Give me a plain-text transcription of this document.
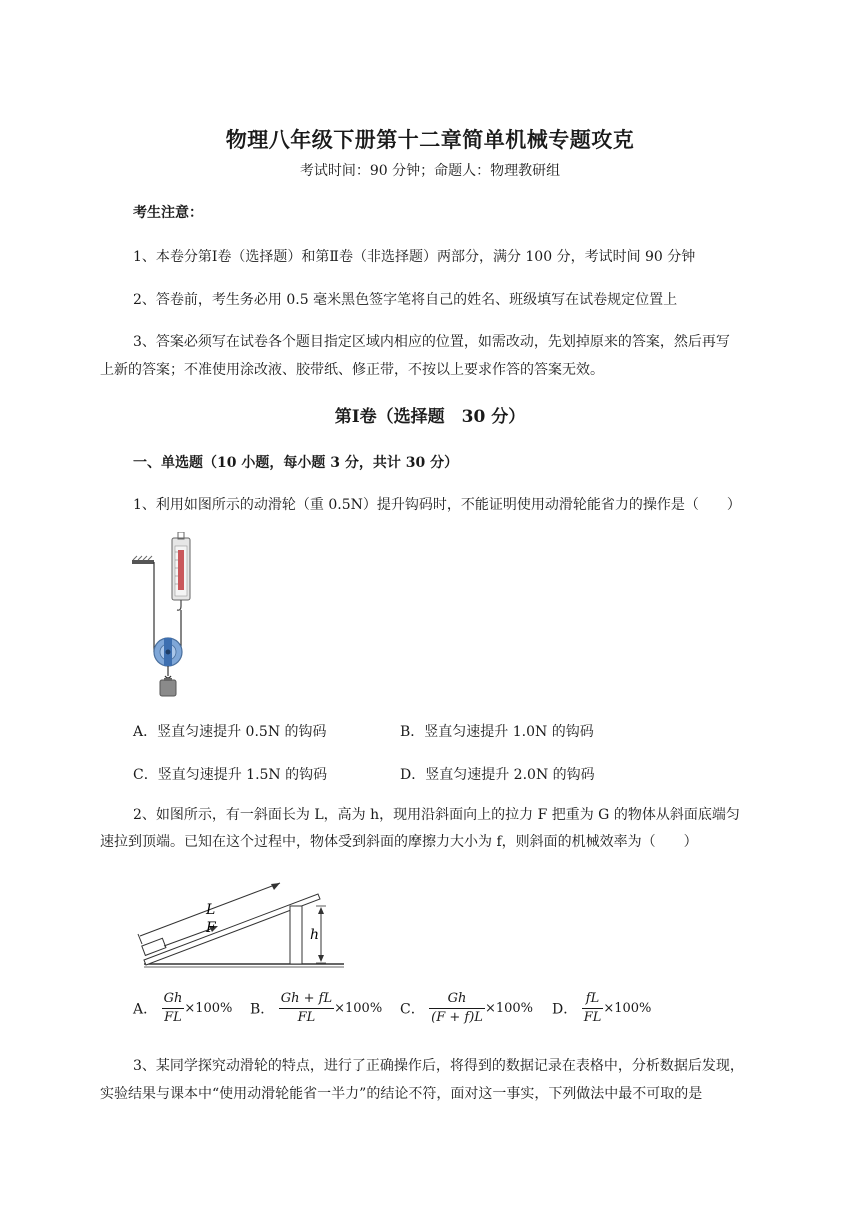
物理八年级下册第十二章简单机械专题攻克
考试时间：90 分钟；命题人：物理教研组
考生注意：
1、本卷分第Ⅰ卷（选择题）和第Ⅱ卷（非选择题）两部分，满分 100 分，考试时间 90 分钟
2、答卷前，考生务必用 0.5 毫米黑色签字笔将自己的姓名、班级填写在试卷规定位置上
3、答案必须写在试卷各个题目指定区域内相应的位置，如需改动，先划掉原来的答案，然后再写
上新的答案；不准使用涂改液、胶带纸、修正带，不按以上要求作答的答案无效。
第Ⅰ卷（选择题　30 分）
一、单选题（10 小题，每小题 3 分，共计 30 分）
1、利用如图所示的动滑轮（重 0.5N）提升钩码时，不能证明使用动滑轮能省力的操作是（　　）
A．竖直匀速提升 0.5N 的钩码	B．竖直匀速提升 1.0N 的钩码
C．竖直匀速提升 1.5N 的钩码	D．竖直匀速提升 2.0N 的钩码
2、如图所示，有一斜面长为 L，高为 h，现用沿斜面向上的拉力 F 把重为 G 的物体从斜面底端匀
速拉到顶端。已知在这个过程中，物体受到斜面的摩擦力大小为 f，则斜面的机械效率为（　　）
L
F	h
A． $\frac{Gh}{FL} \times 100\%$ B． $\frac{Gh + fL}{FL} \times 100\%$ C． $\frac{Gh}{(F + f)L} \times 100\%$ D． $\frac{fL}{FL} \times 100\%$
3、某同学探究动滑轮的特点，进行了正确操作后，将得到的数据记录在表格中，分析数据后发现，
实验结果与课本中“使用动滑轮能省一半力”的结论不符，面对这一事实，下列做法中最不可取的是
